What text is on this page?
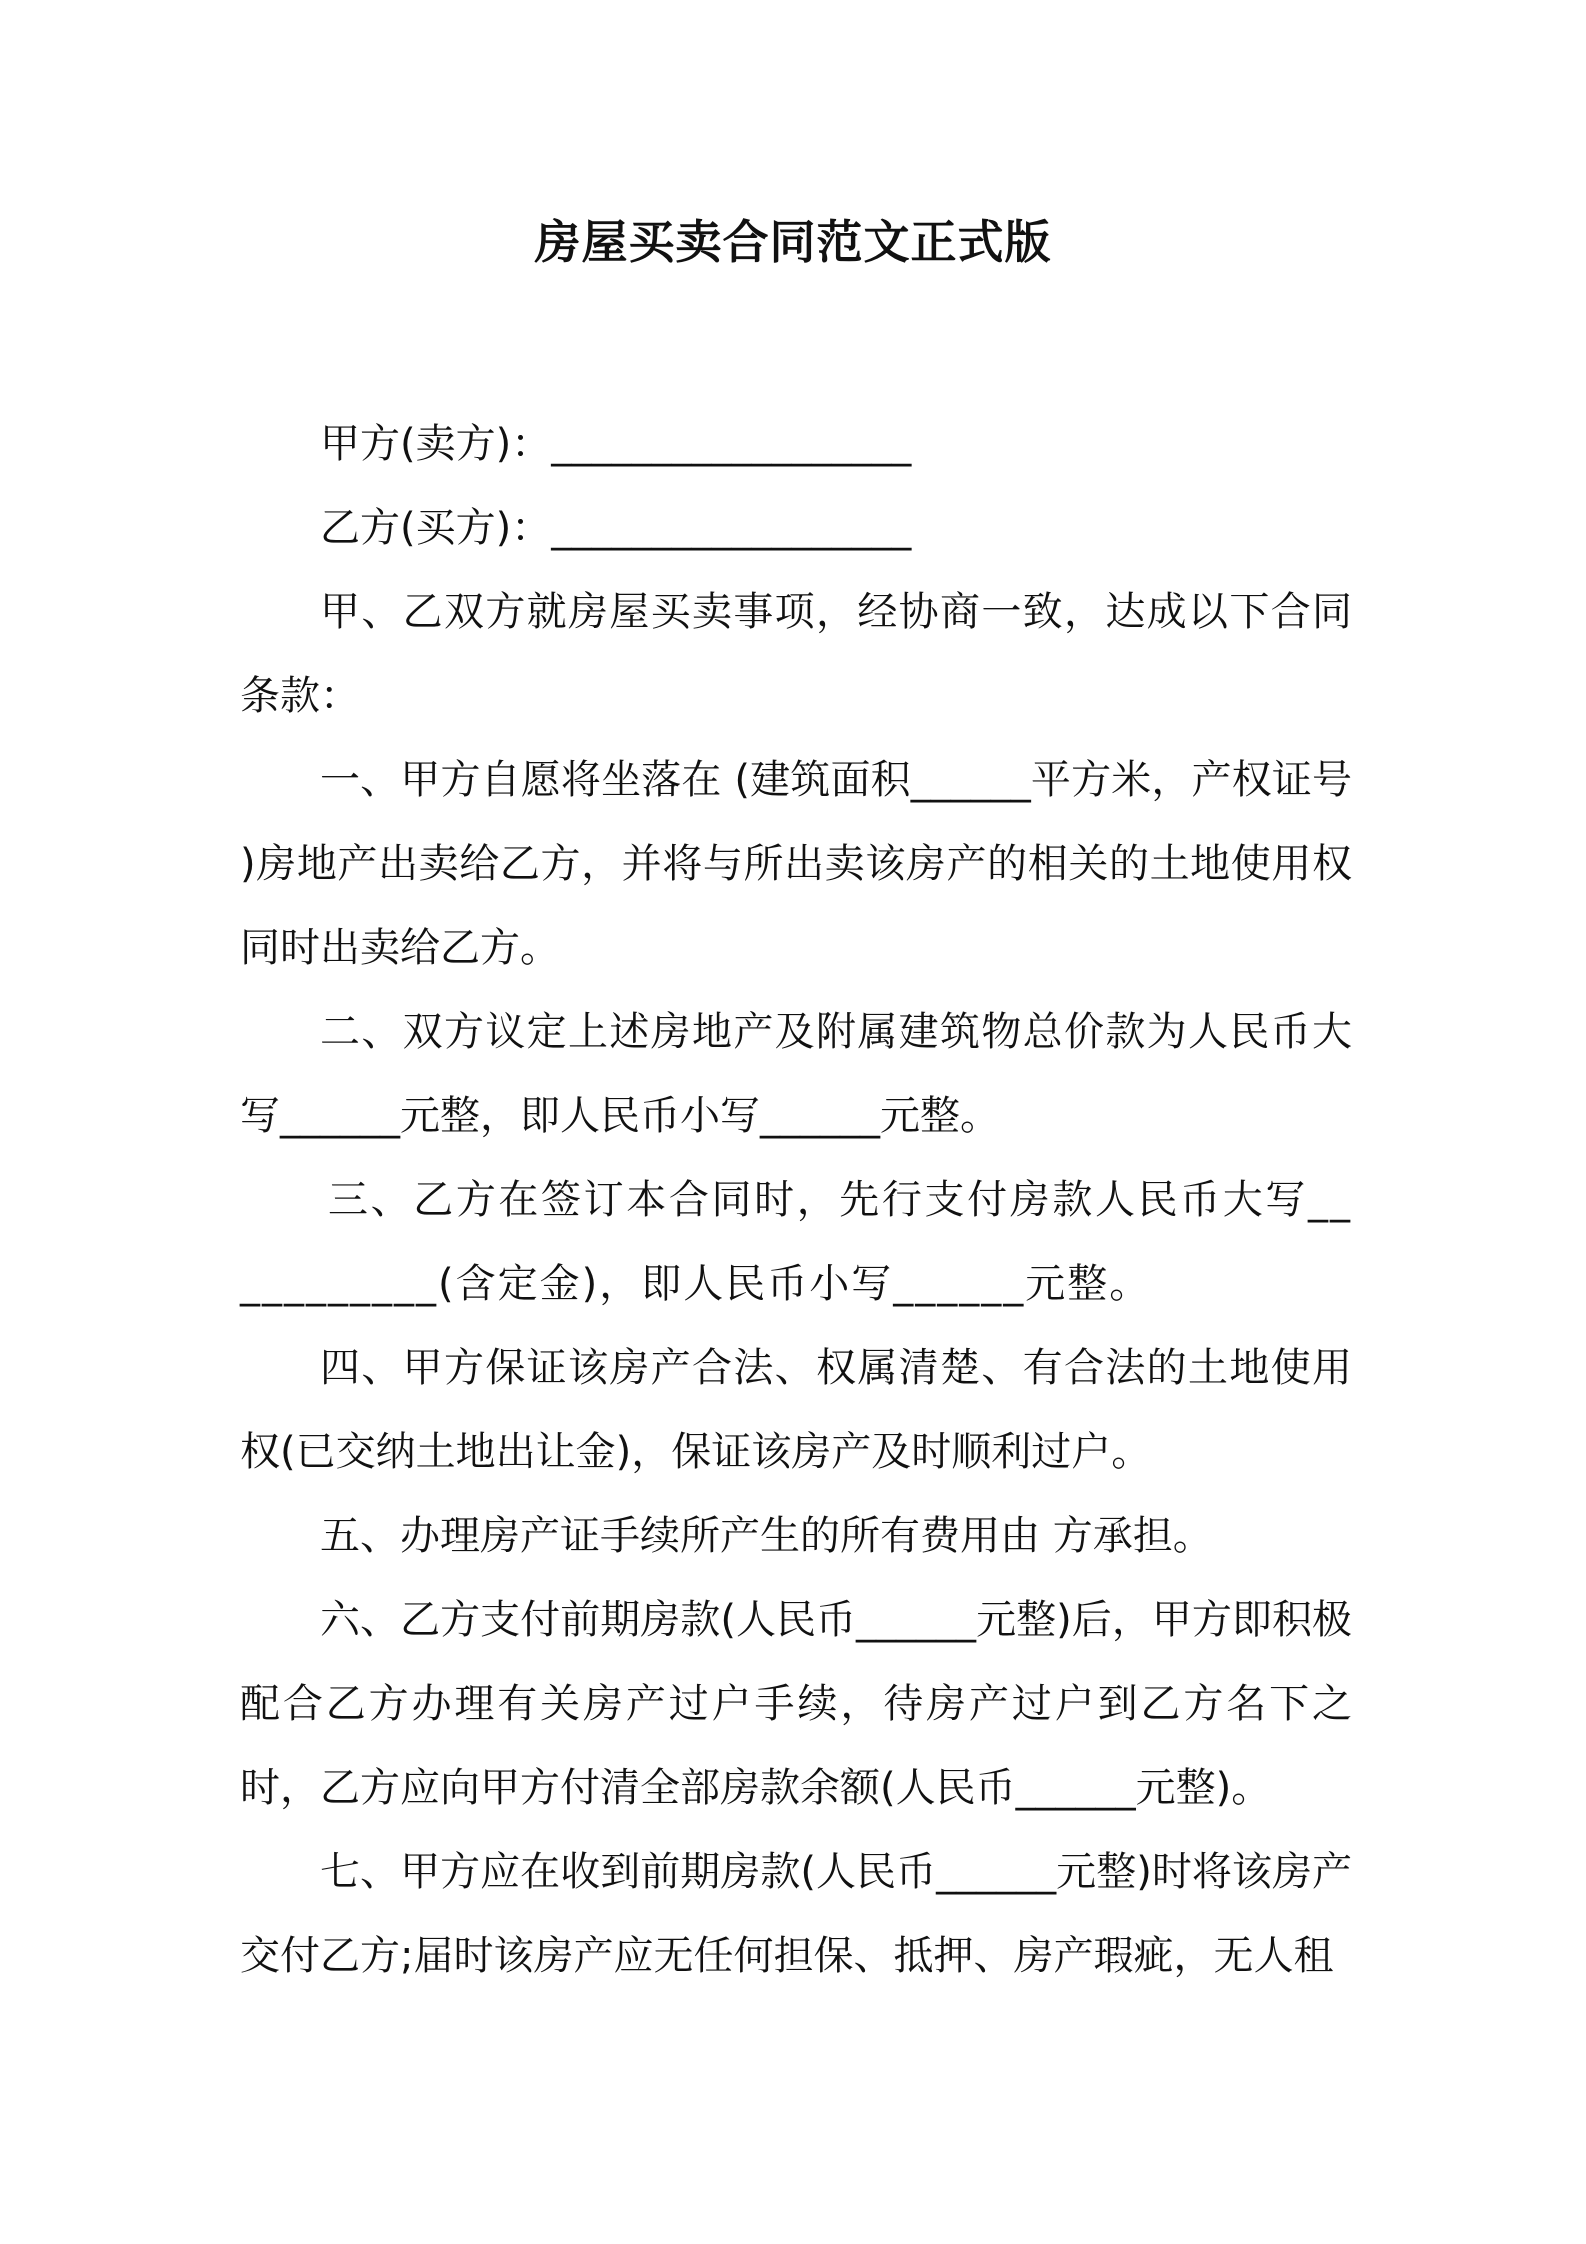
房屋买卖合同范文正式版

甲方(卖方)：__________________

乙方(买方)：__________________

甲、乙双方就房屋买卖事项，经协商一致，达成以下合同条款：

一、甲方自愿将坐落在 (建筑面积______平方米，产权证号 )房地产出卖给乙方，并将与所出卖该房产的相关的土地使用权同时出卖给乙方。

二、双方议定上述房地产及附属建筑物总价款为人民币大写______元整，即人民币小写______元整。

三、乙方在签订本合同时，先行支付房款人民币大写___________(含定金)，即人民币小写______元整。

四、甲方保证该房产合法、权属清楚、有合法的土地使用权(已交纳土地出让金)，保证该房产及时顺利过户。

五、办理房产证手续所产生的所有费用由 方承担。

六、乙方支付前期房款(人民币______元整)后，甲方即积极配合乙方办理有关房产过户手续，待房产过户到乙方名下之时，乙方应向甲方付清全部房款余额(人民币______元整)。

七、甲方应在收到前期房款(人民币______元整)时将该房产交付乙方;届时该房产应无任何担保、抵押、房产瑕疵，无人租
